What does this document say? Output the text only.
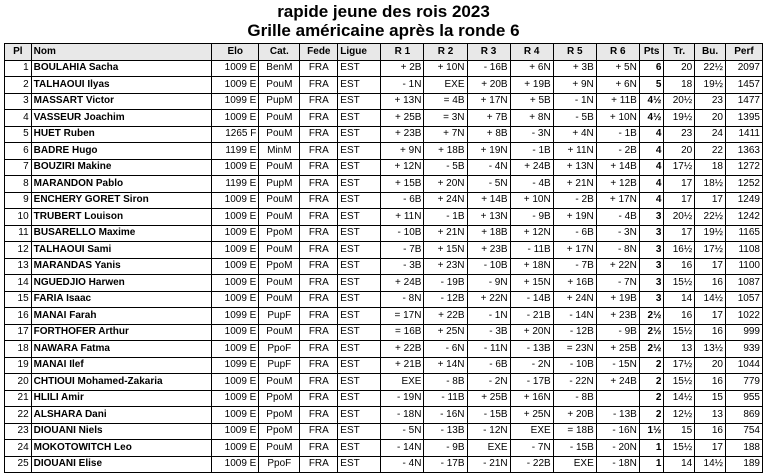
rapide jeune des rois 2023
Grille américaine après la ronde 6
Pl	Nom	Elo	Cat.	Fede	Ligue	R 1	R 2	R 3	R 4	R 5	R 6	Pts	Tr.	Bu.	Perf
1	BOULAHIA Sacha	1009 E	BenM	FRA	EST	+ 2B	+ 10N	- 16B	+ 6N	+ 3B	+ 5N	6	20	22½	2097
2	TALHAOUI Ilyas	1009 E	PouM	FRA	EST	- 1N	EXE	+ 20B	+ 19B	+ 9N	+ 6N	5	18	19½	1457
3	MASSART Victor	1099 E	PupM	FRA	EST	+ 13N	= 4B	+ 17N	+ 5B	- 1N	+ 11B	4½	20½	23	1477
4	VASSEUR Joachim	1009 E	PouM	FRA	EST	+ 25B	= 3N	+ 7B	+ 8N	- 5B	+ 10N	4½	19½	20	1395
5	HUET Ruben	1265 F	PouM	FRA	EST	+ 23B	+ 7N	+ 8B	- 3N	+ 4N	- 1B	4	23	24	1411
6	BADRE Hugo	1199 E	MinM	FRA	EST	+ 9N	+ 18B	+ 19N	- 1B	+ 11N	- 2B	4	20	22	1363
7	BOUZIRI Makine	1009 E	PouM	FRA	EST	+ 12N	- 5B	- 4N	+ 24B	+ 13N	+ 14B	4	17½	18	1272
8	MARANDON Pablo	1199 E	PupM	FRA	EST	+ 15B	+ 20N	- 5N	- 4B	+ 21N	+ 12B	4	17	18½	1252
9	ENCHERY GORET Siron	1009 E	PouM	FRA	EST	- 6B	+ 24N	+ 14B	+ 10N	- 2B	+ 17N	4	17	17	1249
10	TRUBERT Louison	1009 E	PouM	FRA	EST	+ 11N	- 1B	+ 13N	- 9B	+ 19N	- 4B	3	20½	22½	1242
11	BUSARELLO Maxime	1009 E	PpoM	FRA	EST	- 10B	+ 21N	+ 18B	+ 12N	- 6B	- 3N	3	17	19½	1165
12	TALHAOUI Sami	1009 E	PouM	FRA	EST	- 7B	+ 15N	+ 23B	- 11B	+ 17N	- 8N	3	16½	17½	1108
13	MARANDAS Yanis	1009 E	PpoM	FRA	EST	- 3B	+ 23N	- 10B	+ 18N	- 7B	+ 22N	3	16	17	1100
14	NGUEDJIO Harwen	1009 E	PouM	FRA	EST	+ 24B	- 19B	- 9N	+ 15N	+ 16B	- 7N	3	15½	16	1087
15	FARIA Isaac	1009 E	PouM	FRA	EST	- 8N	- 12B	+ 22N	- 14B	+ 24N	+ 19B	3	14	14½	1057
16	MANAI Farah	1099 E	PupF	FRA	EST	= 17N	+ 22B	- 1N	- 21B	- 14N	+ 23B	2½	16	17	1022
17	FORTHOFER Arthur	1009 E	PouM	FRA	EST	= 16B	+ 25N	- 3B	+ 20N	- 12B	- 9B	2½	15½	16	999
18	NAWARA Fatma	1009 E	PpoF	FRA	EST	+ 22B	- 6N	- 11N	- 13B	= 23N	+ 25B	2½	13	13½	939
19	MANAI Ilef	1099 E	PupF	FRA	EST	+ 21B	+ 14N	- 6B	- 2N	- 10B	- 15N	2	17½	20	1044
20	CHTIOUI Mohamed-Zakaria	1009 E	PouM	FRA	EST	EXE	- 8B	- 2N	- 17B	- 22N	+ 24B	2	15½	16	779
21	HLILI Amir	1009 E	PpoM	FRA	EST	- 19N	- 11B	+ 25B	+ 16N	- 8B		2	14½	15	955
22	ALSHARA Dani	1009 E	PpoM	FRA	EST	- 18N	- 16N	- 15B	+ 25N	+ 20B	- 13B	2	12½	13	869
23	DIOUANI Niels	1009 E	PpoM	FRA	EST	- 5N	- 13B	- 12N	EXE	= 18B	- 16N	1½	15	16	754
24	MOKOTOWITCH Leo	1009 E	PouM	FRA	EST	- 14N	- 9B	EXE	- 7N	- 15B	- 20N	1	15½	17	188
25	DIOUANI Elise	1009 E	PpoF	FRA	EST	- 4N	- 17B	- 21N	- 22B	EXE	- 18N	1	14	14½	189
